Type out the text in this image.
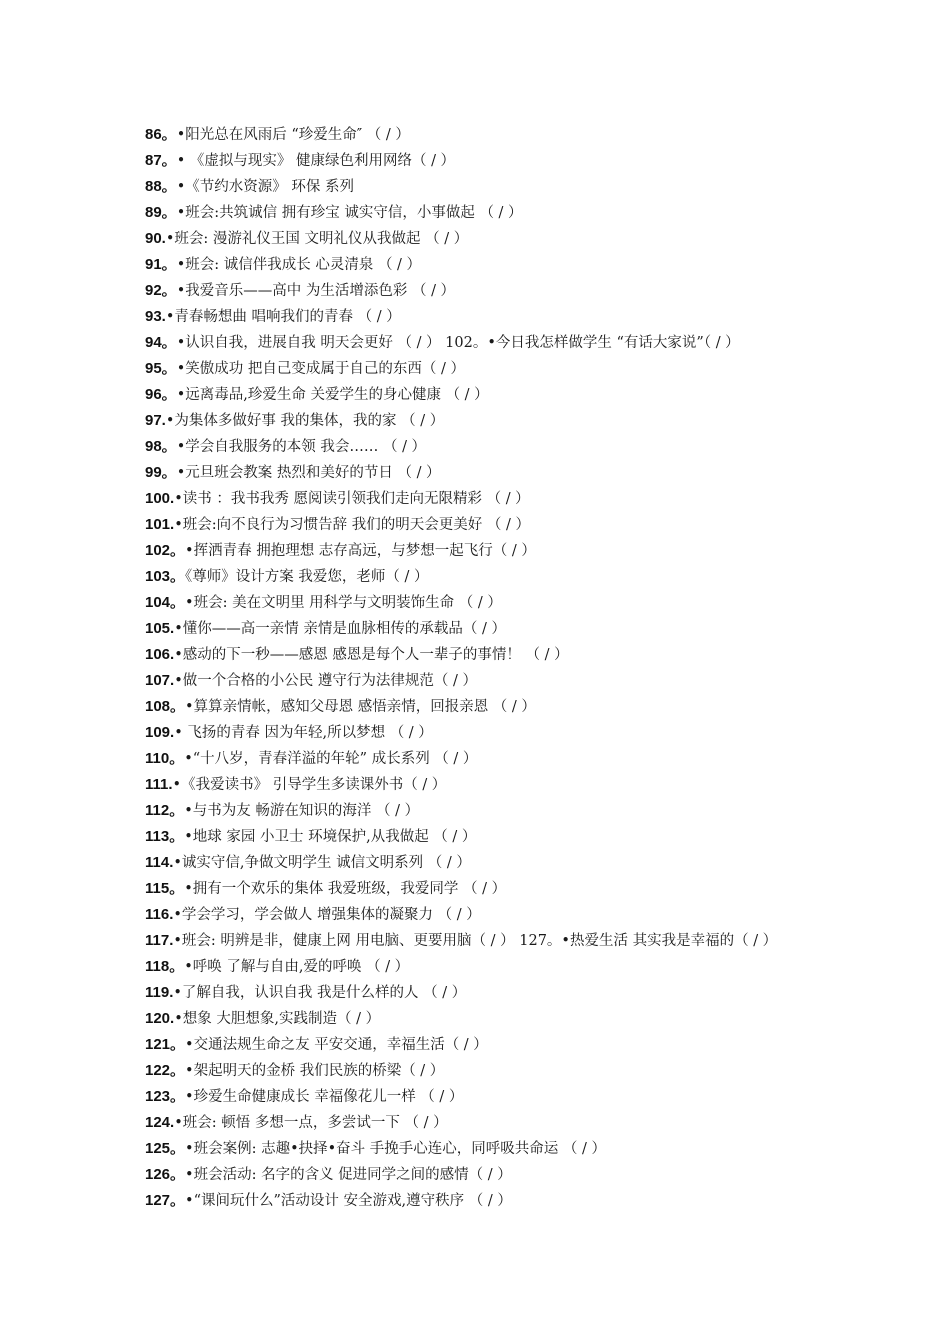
86。•阳光总在风雨后 “珍爱生命″ （ / ）
87。• 《虚拟与现实》 健康绿色利用网络（ / ）
88。•《节约水资源》 环保 系列
89。•班会:共筑诚信 拥有珍宝 诚实守信，小事做起 （ / ）
90.•班会: 漫游礼仪王国 文明礼仪从我做起 （ / ）
91。•班会: 诚信伴我成长 心灵清泉 （ / ）
92。•我爱音乐——高中 为生活增添色彩 （ / ）
93.•青春畅想曲 唱响我们的青春 （ / ）
94。•认识自我，进展自我 明天会更好 （ / ） 102。•今日我怎样做学生 “有话大家说”（ / ）
95。•笑傲成功 把自己变成属于自己的东西（ / ）
96。•远离毒品,珍爱生命 关爱学生的身心健康 （ / ）
97.•为集体多做好事 我的集体，我的家 （ / ）
98。•学会自我服务的本领 我会…… （ / ）
99。•元旦班会教案 热烈和美好的节日 （ / ）
100.•读书 ：我书我秀 愿阅读引领我们走向无限精彩 （ / ）
101.•班会:向不良行为习惯告辞 我们的明天会更美好 （ / ）
102。•挥洒青春 拥抱理想 志存高远，与梦想一起飞行（ / ）
103。《尊师》设计方案 我爱您，老师（ / ）
104。•班会: 美在文明里 用科学与文明装饰生命 （ / ）
105.•懂你——高一亲情 亲情是血脉相传的承载品（ / ）
106.•感动的下一秒——感恩 感恩是每个人一辈子的事情！ （ / ）
107.•做一个合格的小公民 遵守行为法律规范（ / ）
108。•算算亲情帐，感知父母恩 感悟亲情，回报亲恩 （ / ）
109.• 飞扬的青春 因为年轻,所以梦想 （ / ）
110。•“十八岁，青春洋溢的年轮” 成长系列 （ / ）
111.•《我爱读书》 引导学生多读课外书（ / ）
112。•与书为友 畅游在知识的海洋 （ / ）
113。•地球 家园 小卫士 环境保护,从我做起 （ / ）
114.•诚实守信,争做文明学生 诚信文明系列 （ / ）
115。•拥有一个欢乐的集体 我爱班级，我爱同学 （ / ）
116.•学会学习，学会做人 增强集体的凝聚力 （ / ）
117.•班会: 明辨是非，健康上网 用电脑、更要用脑（ / ） 127。•热爱生活 其实我是幸福的（ / ）
118。•呼唤 了解与自由,爱的呼唤 （ / ）
119.•了解自我，认识自我 我是什么样的人 （ / ）
120.•想象 大胆想象,实践制造（ / ）
121。•交通法规生命之友 平安交通，幸福生活（ / ）
122。•架起明天的金桥 我们民族的桥梁（ / ）
123。•珍爱生命健康成长 幸福像花儿一样 （ / ）
124.•班会: 顿悟 多想一点，多尝试一下 （ / ）
125。•班会案例: 志趣•抉择•奋斗 手挽手心连心，同呼吸共命运 （ / ）
126。•班会活动: 名字的含义 促进同学之间的感情（ / ）
127。•“课间玩什么”活动设计 安全游戏,遵守秩序 （ / ）
